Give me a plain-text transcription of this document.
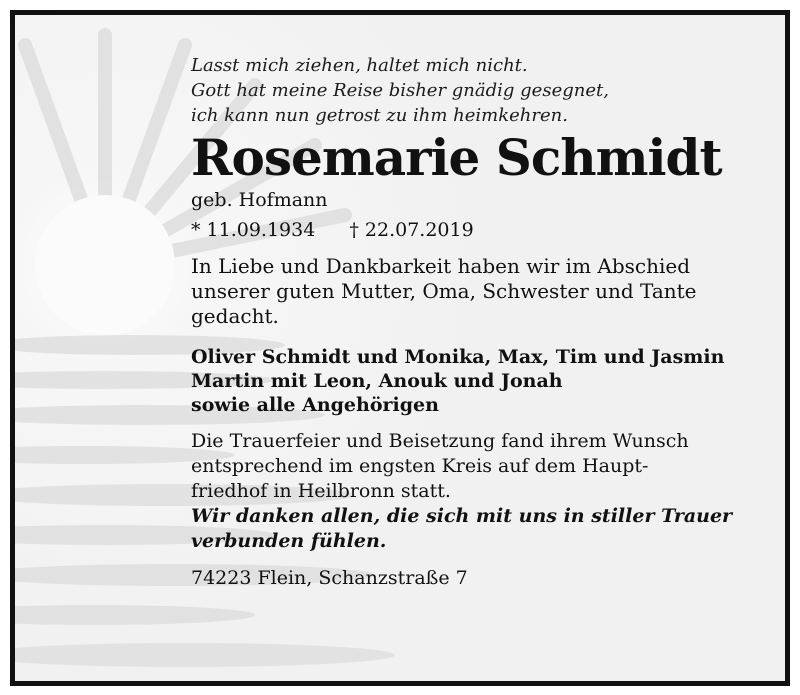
Lasst mich ziehen, haltet mich nicht.
Gott hat meine Reise bisher gnädig gesegnet,
ich kann nun getrost zu ihm heimkehren.
Rosemarie Schmidt
geb. Hofmann
* 11.09.1934 † 22.07.2019
In Liebe und Dankbarkeit haben wir im Abschied
unserer guten Mutter, Oma, Schwester und Tante
gedacht.
Oliver Schmidt und Monika, Max, Tim und Jasmin
Martin mit Leon, Anouk und Jonah
sowie alle Angehörigen
Die Trauerfeier und Beisetzung fand ihrem Wunsch
entsprechend im engsten Kreis auf dem Haupt-
friedhof in Heilbronn statt.
Wir danken allen, die sich mit uns in stiller Trauer
verbunden fühlen.
74223 Flein, Schanzstraße 7
